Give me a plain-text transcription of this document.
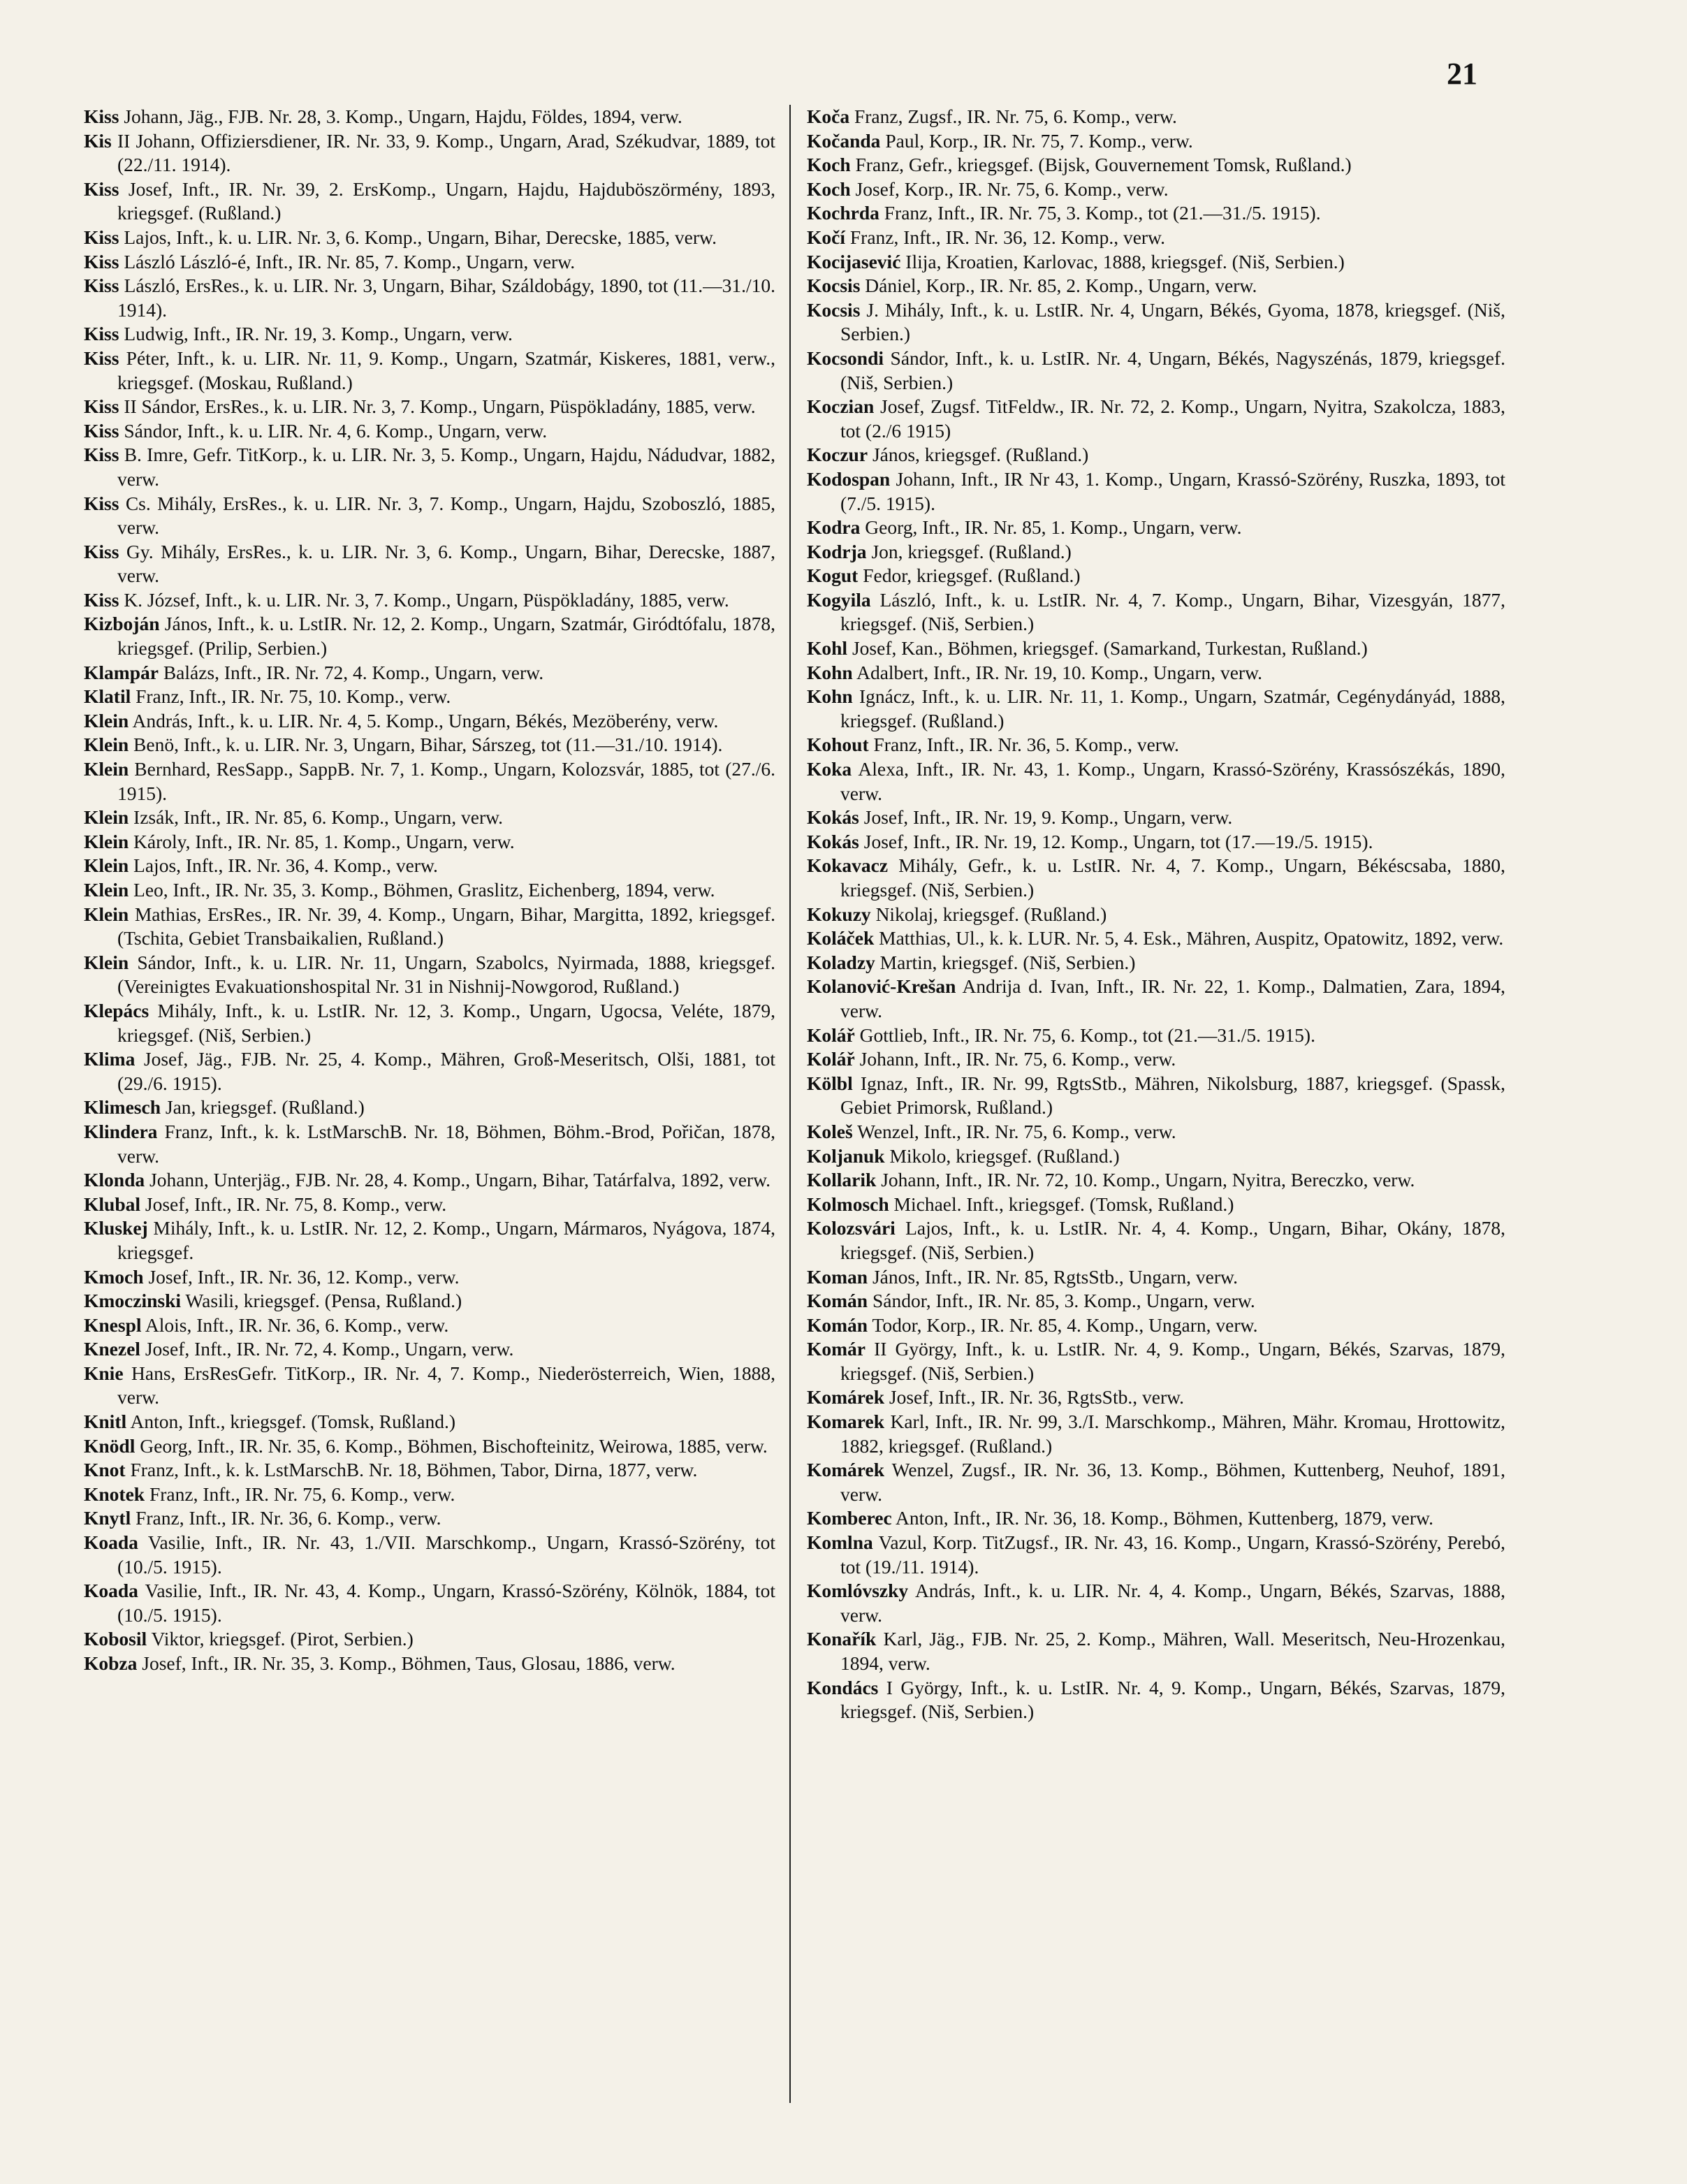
21

Kiss Johann, Jäg., FJB. Nr. 28, 3. Komp., Ungarn, Hajdu, Földes, 1894, verw.

Kis II Johann, Offiziersdiener, IR. Nr. 33, 9. Komp., Ungarn, Arad, Székudvar, 1889, tot (22./11. 1914).

Kiss Josef, Inft., IR. Nr. 39, 2. ErsKomp., Ungarn, Hajdu, Hajduböszörmény, 1893, kriegsgef. (Rußland.)

Kiss Lajos, Inft., k. u. LIR. Nr. 3, 6. Komp., Ungarn, Bihar, Derecske, 1885, verw.

Kiss László László-é, Inft., IR. Nr. 85, 7. Komp., Ungarn, verw.

Kiss László, ErsRes., k. u. LIR. Nr. 3, Ungarn, Bihar, Száldobágy, 1890, tot (11.—31./10. 1914).

Kiss Ludwig, Inft., IR. Nr. 19, 3. Komp., Ungarn, verw.

Kiss Péter, Inft., k. u. LIR. Nr. 11, 9. Komp., Ungarn, Szatmár, Kiskeres, 1881, verw., kriegsgef. (Moskau, Rußland.)

Kiss II Sándor, ErsRes., k. u. LIR. Nr. 3, 7. Komp., Ungarn, Püspökladány, 1885, verw.

Kiss Sándor, Inft., k. u. LIR. Nr. 4, 6. Komp., Ungarn, verw.

Kiss B. Imre, Gefr. TitKorp., k. u. LIR. Nr. 3, 5. Komp., Ungarn, Hajdu, Nádudvar, 1882, verw.

Kiss Cs. Mihály, ErsRes., k. u. LIR. Nr. 3, 7. Komp., Ungarn, Hajdu, Szoboszló, 1885, verw.

Kiss Gy. Mihály, ErsRes., k. u. LIR. Nr. 3, 6. Komp., Ungarn, Bihar, Derecske, 1887, verw.

Kiss K. József, Inft., k. u. LIR. Nr. 3, 7. Komp., Ungarn, Püspökladány, 1885, verw.

Kizboján János, Inft., k. u. LstIR. Nr. 12, 2. Komp., Ungarn, Szatmár, Giródtófalu, 1878, kriegsgef. (Prilip, Serbien.)

Klampár Balázs, Inft., IR. Nr. 72, 4. Komp., Ungarn, verw.

Klatil Franz, Inft., IR. Nr. 75, 10. Komp., verw.

Klein András, Inft., k. u. LIR. Nr. 4, 5. Komp., Ungarn, Békés, Mezöberény, verw.

Klein Benö, Inft., k. u. LIR. Nr. 3, Ungarn, Bihar, Sárszeg, tot (11.—31./10. 1914).

Klein Bernhard, ResSapp., SappB. Nr. 7, 1. Komp., Ungarn, Kolozsvár, 1885, tot (27./6. 1915).

Klein Izsák, Inft., IR. Nr. 85, 6. Komp., Ungarn, verw.

Klein Károly, Inft., IR. Nr. 85, 1. Komp., Ungarn, verw.

Klein Lajos, Inft., IR. Nr. 36, 4. Komp., verw.

Klein Leo, Inft., IR. Nr. 35, 3. Komp., Böhmen, Graslitz, Eichenberg, 1894, verw.

Klein Mathias, ErsRes., IR. Nr. 39, 4. Komp., Ungarn, Bihar, Margitta, 1892, kriegsgef. (Tschita, Gebiet Transbaikalien, Rußland.)

Klein Sándor, Inft., k. u. LIR. Nr. 11, Ungarn, Szabolcs, Nyirmada, 1888, kriegsgef. (Vereinigtes Evakuationshospital Nr. 31 in Nishnij-Nowgorod, Rußland.)

Klepács Mihály, Inft., k. u. LstIR. Nr. 12, 3. Komp., Ungarn, Ugocsa, Veléte, 1879, kriegsgef. (Niš, Serbien.)

Klima Josef, Jäg., FJB. Nr. 25, 4. Komp., Mähren, Groß-Meseritsch, Olši, 1881, tot (29./6. 1915).

Klimesch Jan, kriegsgef. (Rußland.)

Klindera Franz, Inft., k. k. LstMarschB. Nr. 18, Böhmen, Böhm.-Brod, Pořičan, 1878, verw.

Klonda Johann, Unterjäg., FJB. Nr. 28, 4. Komp., Ungarn, Bihar, Tatárfalva, 1892, verw.

Klubal Josef, Inft., IR. Nr. 75, 8. Komp., verw.

Kluskej Mihály, Inft., k. u. LstIR. Nr. 12, 2. Komp., Ungarn, Mármaros, Nyágova, 1874, kriegsgef.

Kmoch Josef, Inft., IR. Nr. 36, 12. Komp., verw.

Kmoczinski Wasili, kriegsgef. (Pensa, Rußland.)

Knespl Alois, Inft., IR. Nr. 36, 6. Komp., verw.

Knezel Josef, Inft., IR. Nr. 72, 4. Komp., Ungarn, verw.

Knie Hans, ErsResGefr. TitKorp., IR. Nr. 4, 7. Komp., Niederösterreich, Wien, 1888, verw.

Knitl Anton, Inft., kriegsgef. (Tomsk, Rußland.)

Knödl Georg, Inft., IR. Nr. 35, 6. Komp., Böhmen, Bischofteinitz, Weirowa, 1885, verw.

Knot Franz, Inft., k. k. LstMarschB. Nr. 18, Böhmen, Tabor, Dirna, 1877, verw.

Knotek Franz, Inft., IR. Nr. 75, 6. Komp., verw.

Knytl Franz, Inft., IR. Nr. 36, 6. Komp., verw.

Koada Vasilie, Inft., IR. Nr. 43, 1./VII. Marschkomp., Ungarn, Krassó-Szörény, tot (10./5. 1915).

Koada Vasilie, Inft., IR. Nr. 43, 4. Komp., Ungarn, Krassó-Szörény, Kölnök, 1884, tot (10./5. 1915).

Kobosil Viktor, kriegsgef. (Pirot, Serbien.)

Kobza Josef, Inft., IR. Nr. 35, 3. Komp., Böhmen, Taus, Glosau, 1886, verw.

Koča Franz, Zugsf., IR. Nr. 75, 6. Komp., verw.

Kočanda Paul, Korp., IR. Nr. 75, 7. Komp., verw.

Koch Franz, Gefr., kriegsgef. (Bijsk, Gouvernement Tomsk, Rußland.)

Koch Josef, Korp., IR. Nr. 75, 6. Komp., verw.

Kochrda Franz, Inft., IR. Nr. 75, 3. Komp., tot (21.—31./5. 1915).

Kočí Franz, Inft., IR. Nr. 36, 12. Komp., verw.

Kocijasević Ilija, Kroatien, Karlovac, 1888, kriegsgef. (Niš, Serbien.)

Kocsis Dániel, Korp., IR. Nr. 85, 2. Komp., Ungarn, verw.

Kocsis J. Mihály, Inft., k. u. LstIR. Nr. 4, Ungarn, Békés, Gyoma, 1878, kriegsgef. (Niš, Serbien.)

Kocsondi Sándor, Inft., k. u. LstIR. Nr. 4, Ungarn, Békés, Nagyszénás, 1879, kriegsgef. (Niš, Serbien.)

Koczian Josef, Zugsf. TitFeldw., IR. Nr. 72, 2. Komp., Ungarn, Nyitra, Szakolcza, 1883, tot (2./6 1915)

Koczur János, kriegsgef. (Rußland.)

Kodospan Johann, Inft., IR Nr 43, 1. Komp., Ungarn, Krassó-Szörény, Ruszka, 1893, tot (7./5. 1915).

Kodra Georg, Inft., IR. Nr. 85, 1. Komp., Ungarn, verw.

Kodrja Jon, kriegsgef. (Rußland.)

Kogut Fedor, kriegsgef. (Rußland.)

Kogyila László, Inft., k. u. LstIR. Nr. 4, 7. Komp., Ungarn, Bihar, Vizesgyán, 1877, kriegsgef. (Niš, Serbien.)

Kohl Josef, Kan., Böhmen, kriegsgef. (Samarkand, Turkestan, Rußland.)

Kohn Adalbert, Inft., IR. Nr. 19, 10. Komp., Ungarn, verw.

Kohn Ignácz, Inft., k. u. LIR. Nr. 11, 1. Komp., Ungarn, Szatmár, Cegénydányád, 1888, kriegsgef. (Rußland.)

Kohout Franz, Inft., IR. Nr. 36, 5. Komp., verw.

Koka Alexa, Inft., IR. Nr. 43, 1. Komp., Ungarn, Krassó-Szörény, Krassószékás, 1890, verw.

Kokás Josef, Inft., IR. Nr. 19, 9. Komp., Ungarn, verw.

Kokás Josef, Inft., IR. Nr. 19, 12. Komp., Ungarn, tot (17.—19./5. 1915).

Kokavacz Mihály, Gefr., k. u. LstIR. Nr. 4, 7. Komp., Ungarn, Békéscsaba, 1880, kriegsgef. (Niš, Serbien.)

Kokuzy Nikolaj, kriegsgef. (Rußland.)

Koláček Matthias, Ul., k. k. LUR. Nr. 5, 4. Esk., Mähren, Auspitz, Opatowitz, 1892, verw.

Koladzy Martin, kriegsgef. (Niš, Serbien.)

Kolanović-Krešan Andrija d. Ivan, Inft., IR. Nr. 22, 1. Komp., Dalmatien, Zara, 1894, verw.

Kolář Gottlieb, Inft., IR. Nr. 75, 6. Komp., tot (21.—31./5. 1915).

Kolář Johann, Inft., IR. Nr. 75, 6. Komp., verw.

Kölbl Ignaz, Inft., IR. Nr. 99, RgtsStb., Mähren, Nikolsburg, 1887, kriegsgef. (Spassk, Gebiet Primorsk, Rußland.)

Koleš Wenzel, Inft., IR. Nr. 75, 6. Komp., verw.

Koljanuk Mikolo, kriegsgef. (Rußland.)

Kollarik Johann, Inft., IR. Nr. 72, 10. Komp., Ungarn, Nyitra, Bereczko, verw.

Kolmosch Michael. Inft., kriegsgef. (Tomsk, Rußland.)

Kolozsvári Lajos, Inft., k. u. LstIR. Nr. 4, 4. Komp., Ungarn, Bihar, Okány, 1878, kriegsgef. (Niš, Serbien.)

Koman János, Inft., IR. Nr. 85, RgtsStb., Ungarn, verw.

Komán Sándor, Inft., IR. Nr. 85, 3. Komp., Ungarn, verw.

Komán Todor, Korp., IR. Nr. 85, 4. Komp., Ungarn, verw.

Komár II György, Inft., k. u. LstIR. Nr. 4, 9. Komp., Ungarn, Békés, Szarvas, 1879, kriegsgef. (Niš, Serbien.)

Komárek Josef, Inft., IR. Nr. 36, RgtsStb., verw.

Komarek Karl, Inft., IR. Nr. 99, 3./I. Marschkomp., Mähren, Mähr. Kromau, Hrottowitz, 1882, kriegsgef. (Rußland.)

Komárek Wenzel, Zugsf., IR. Nr. 36, 13. Komp., Böhmen, Kuttenberg, Neuhof, 1891, verw.

Komberec Anton, Inft., IR. Nr. 36, 18. Komp., Böhmen, Kuttenberg, 1879, verw.

Komlna Vazul, Korp. TitZugsf., IR. Nr. 43, 16. Komp., Ungarn, Krassó-Szörény, Perebó, tot (19./11. 1914).

Komlóvszky András, Inft., k. u. LIR. Nr. 4, 4. Komp., Ungarn, Békés, Szarvas, 1888, verw.

Konařík Karl, Jäg., FJB. Nr. 25, 2. Komp., Mähren, Wall. Meseritsch, Neu-Hrozenkau, 1894, verw.

Kondács I György, Inft., k. u. LstIR. Nr. 4, 9. Komp., Ungarn, Békés, Szarvas, 1879, kriegsgef. (Niš, Serbien.)
